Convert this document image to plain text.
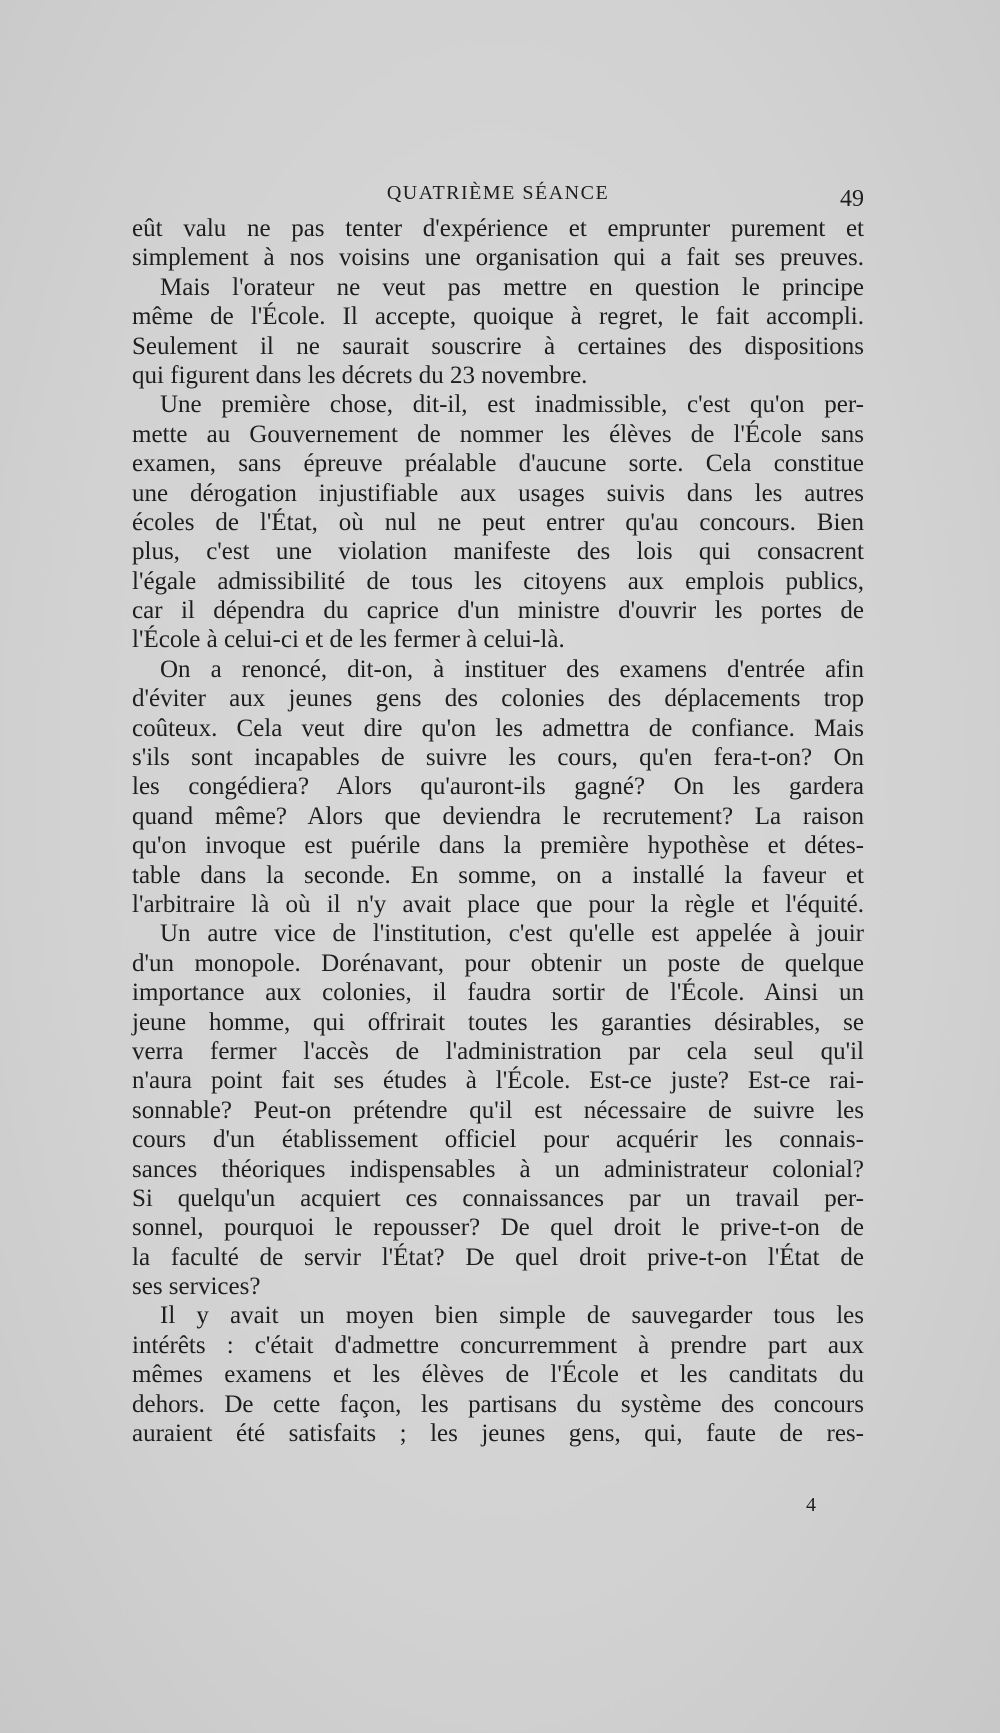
QUATRIÈME SÉANCE	49
eût valu ne pas tenter d'expérience et emprunter purement et
simplement à nos voisins une organisation qui a fait ses preuves.
Mais l'orateur ne veut pas mettre en question le principe
même de l'École. Il accepte, quoique à regret, le fait accompli.
Seulement il ne saurait souscrire à certaines des dispositions
qui figurent dans les décrets du 23 novembre.
Une première chose, dit-il, est inadmissible, c'est qu'on per-
mette au Gouvernement de nommer les élèves de l'École sans
examen, sans épreuve préalable d'aucune sorte. Cela constitue
une dérogation injustifiable aux usages suivis dans les autres
écoles de l'État, où nul ne peut entrer qu'au concours. Bien
plus, c'est une violation manifeste des lois qui consacrent
l'égale admissibilité de tous les citoyens aux emplois publics,
car il dépendra du caprice d'un ministre d'ouvrir les portes de
l'École à celui-ci et de les fermer à celui-là.
On a renoncé, dit-on, à instituer des examens d'entrée afin
d'éviter aux jeunes gens des colonies des déplacements trop
coûteux. Cela veut dire qu'on les admettra de confiance. Mais
s'ils sont incapables de suivre les cours, qu'en fera-t-on? On
les congédiera? Alors qu'auront-ils gagné? On les gardera
quand même? Alors que deviendra le recrutement? La raison
qu'on invoque est puérile dans la première hypothèse et détes-
table dans la seconde. En somme, on a installé la faveur et
l'arbitraire là où il n'y avait place que pour la règle et l'équité.
Un autre vice de l'institution, c'est qu'elle est appelée à jouir
d'un monopole. Dorénavant, pour obtenir un poste de quelque
importance aux colonies, il faudra sortir de l'École. Ainsi un
jeune homme, qui offrirait toutes les garanties désirables, se
verra fermer l'accès de l'administration par cela seul qu'il
n'aura point fait ses études à l'École. Est-ce juste? Est-ce rai-
sonnable? Peut-on prétendre qu'il est nécessaire de suivre les
cours d'un établissement officiel pour acquérir les connais-
sances théoriques indispensables à un administrateur colonial?
Si quelqu'un acquiert ces connaissances par un travail per-
sonnel, pourquoi le repousser? De quel droit le prive-t-on de
la faculté de servir l'État? De quel droit prive-t-on l'État de
ses services?
Il y avait un moyen bien simple de sauvegarder tous les
intérêts : c'était d'admettre concurremment à prendre part aux
mêmes examens et les élèves de l'École et les canditats du
dehors. De cette façon, les partisans du système des concours
auraient été satisfaits ; les jeunes gens, qui, faute de res-
4
